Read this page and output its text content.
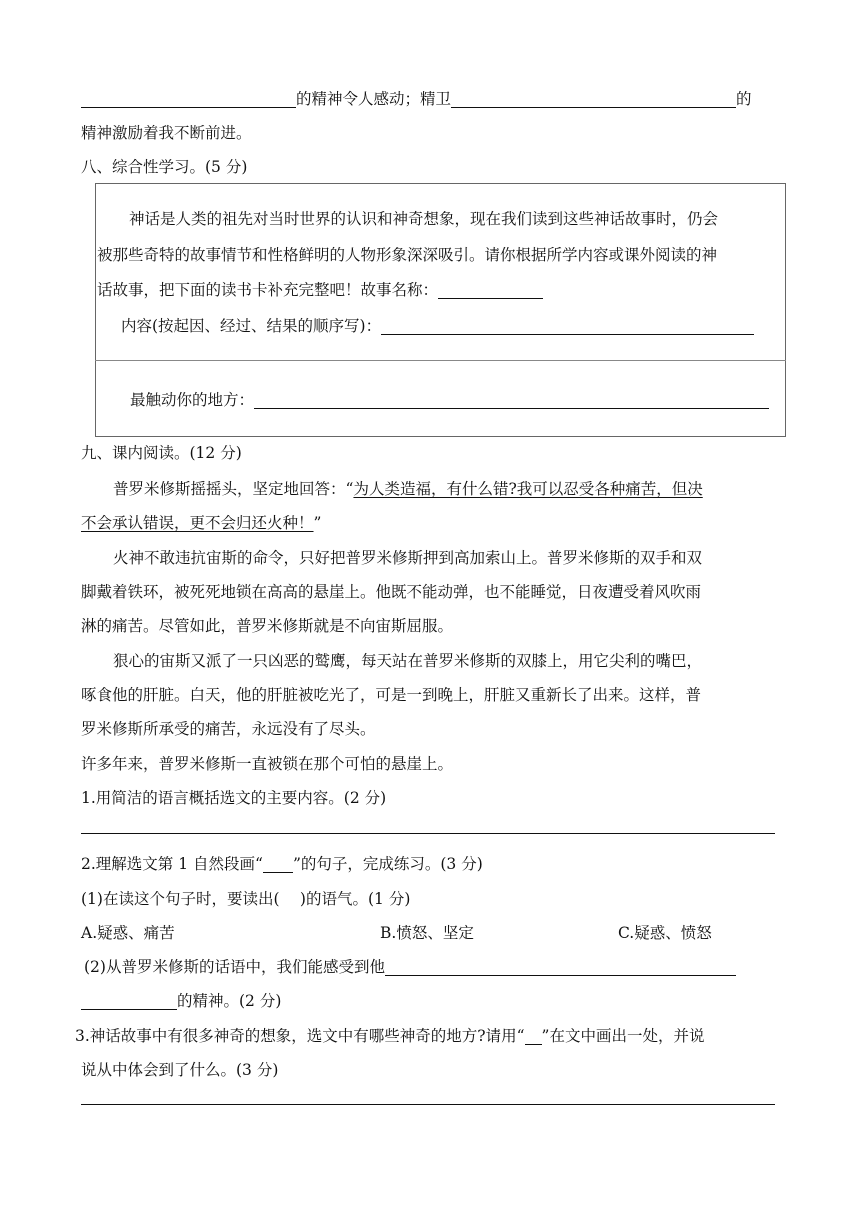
的精神令人感动；精卫	的
精神激励着我不断前进。
八、综合性学习。(5 分)
神话是人类的祖先对当时世界的认识和神奇想象，现在我们读到这些神话故事时，仍会
被那些奇特的故事情节和性格鲜明的人物形象深深吸引。请你根据所学内容或课外阅读的神
话故事，把下面的读书卡补充完整吧！故事名称：
内容(按起因、经过、结果的顺序写)：
最触动你的地方：
九、课内阅读。(12 分)
普罗米修斯摇摇头，坚定地回答：“为人类造福，有什么错?我可以忍受各种痛苦，但决
不会承认错误，更不会归还火种！”
火神不敢违抗宙斯的命令，只好把普罗米修斯押到高加索山上。普罗米修斯的双手和双
脚戴着铁环，被死死地锁在高高的悬崖上。他既不能动弹，也不能睡觉，日夜遭受着风吹雨
淋的痛苦。尽管如此，普罗米修斯就是不向宙斯屈服。
狠心的宙斯又派了一只凶恶的鹫鹰，每天站在普罗米修斯的双膝上，用它尖利的嘴巴，
啄食他的肝脏。白天，他的肝脏被吃光了，可是一到晚上，肝脏又重新长了出来。这样，普
罗米修斯所承受的痛苦，永远没有了尽头。
许多年来，普罗米修斯一直被锁在那个可怕的悬崖上。
1.用简洁的语言概括选文的主要内容。(2 分)
2.理解选文第 1 自然段画“ ”的句子，完成练习。(3 分)
(1)在读这个句子时，要读出(  )的语气。(1 分)
A.疑惑、痛苦	B.愤怒、坚定	C.疑惑、愤怒
(2)从普罗米修斯的话语中，我们能感受到他
的精神。(2 分)
3.神话故事中有很多神奇的想象，选文中有哪些神奇的地方?请用“ ”在文中画出一处，并说
说从中体会到了什么。(3 分)
